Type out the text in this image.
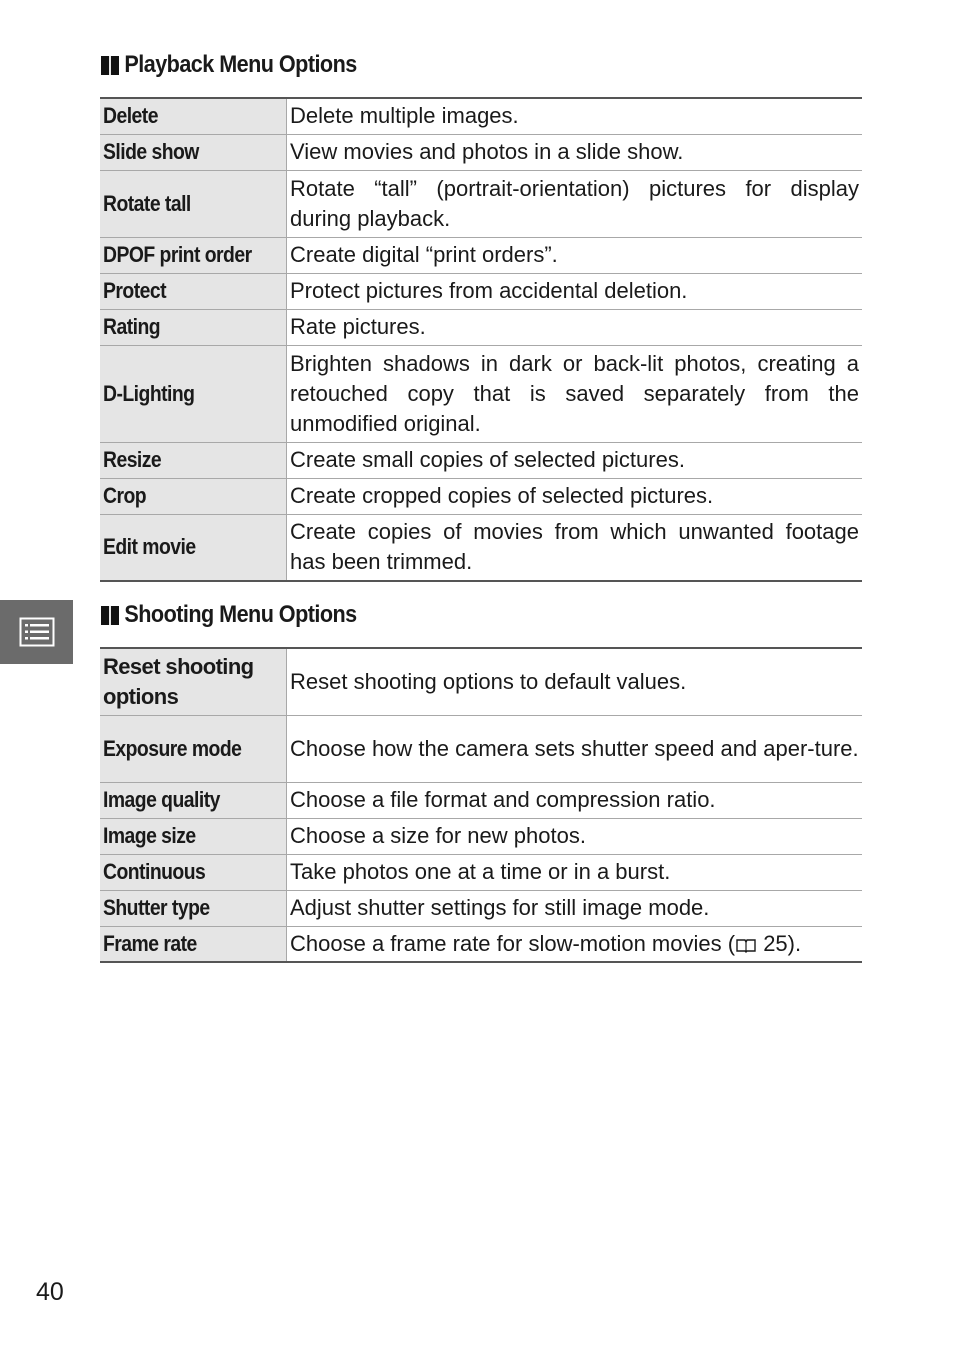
Playback Menu Options
Delete	Delete multiple images.
Slide show	View movies and photos in a slide show.
Rotate tall	Rotate “tall” (portrait-orientation) pictures for display during playback.
DPOF print order	Create digital “print orders”.
Protect	Protect pictures from accidental deletion.
Rating	Rate pictures.
D-Lighting	Brighten shadows in dark or back-lit photos, creating a retouched copy that is saved separately from the unmodified original.
Resize	Create small copies of selected pictures.
Crop	Create cropped copies of selected pictures.
Edit movie	Create copies of movies from which unwanted footage has been trimmed.
Shooting Menu Options
Reset shooting options	Reset shooting options to default values.
Exposure mode	Choose how the camera sets shutter speed and aper-ture.
Image quality	Choose a file format and compression ratio.
Image size	Choose a size for new photos.
Continuous	Take photos one at a time or in a burst.
Shutter type	Adjust shutter settings for still image mode.
Frame rate	Choose a frame rate for slow-motion movies ( 25).
40
